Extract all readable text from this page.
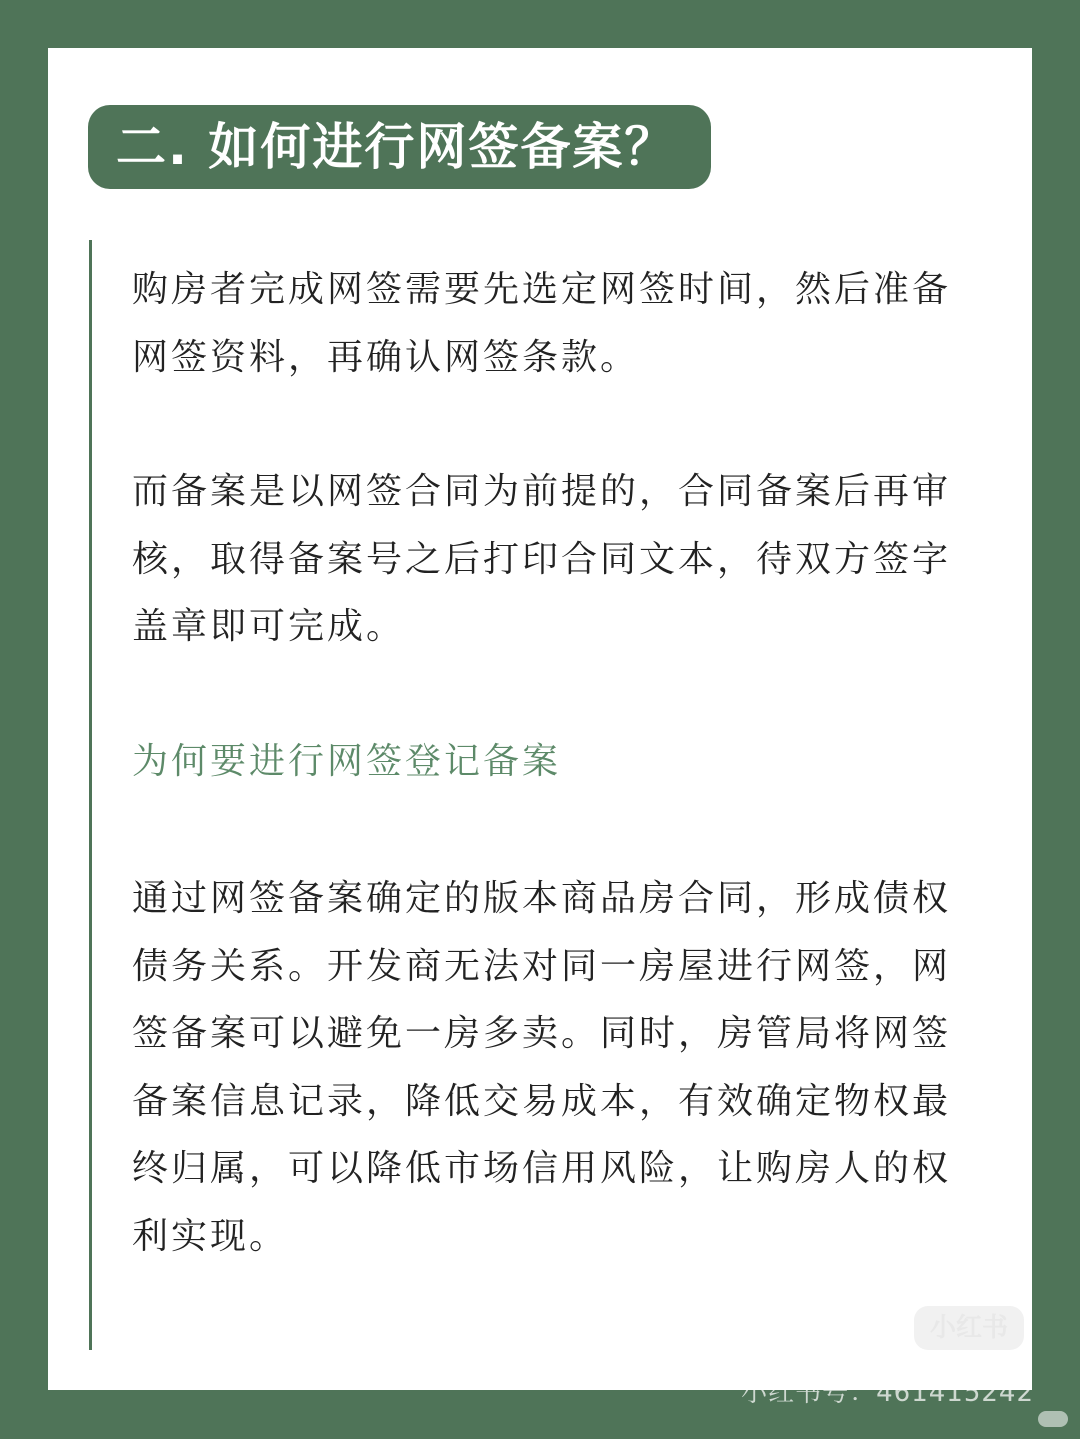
二. 如何进行网签备案？

购房者完成网签需要先选定网签时间，然后准备网签资料，再确认网签条款。

而备案是以网签合同为前提的，合同备案后再审核，取得备案号之后打印合同文本，待双方签字盖章即可完成。

为何要进行网签登记备案

通过网签备案确定的版本商品房合同，形成债权债务关系。开发商无法对同一房屋进行网签，网签备案可以避免一房多卖。同时，房管局将网签备案信息记录，降低交易成本，有效确定物权最终归属，可以降低市场信用风险，让购房人的权利实现。

小红书
小红书号：461415242
